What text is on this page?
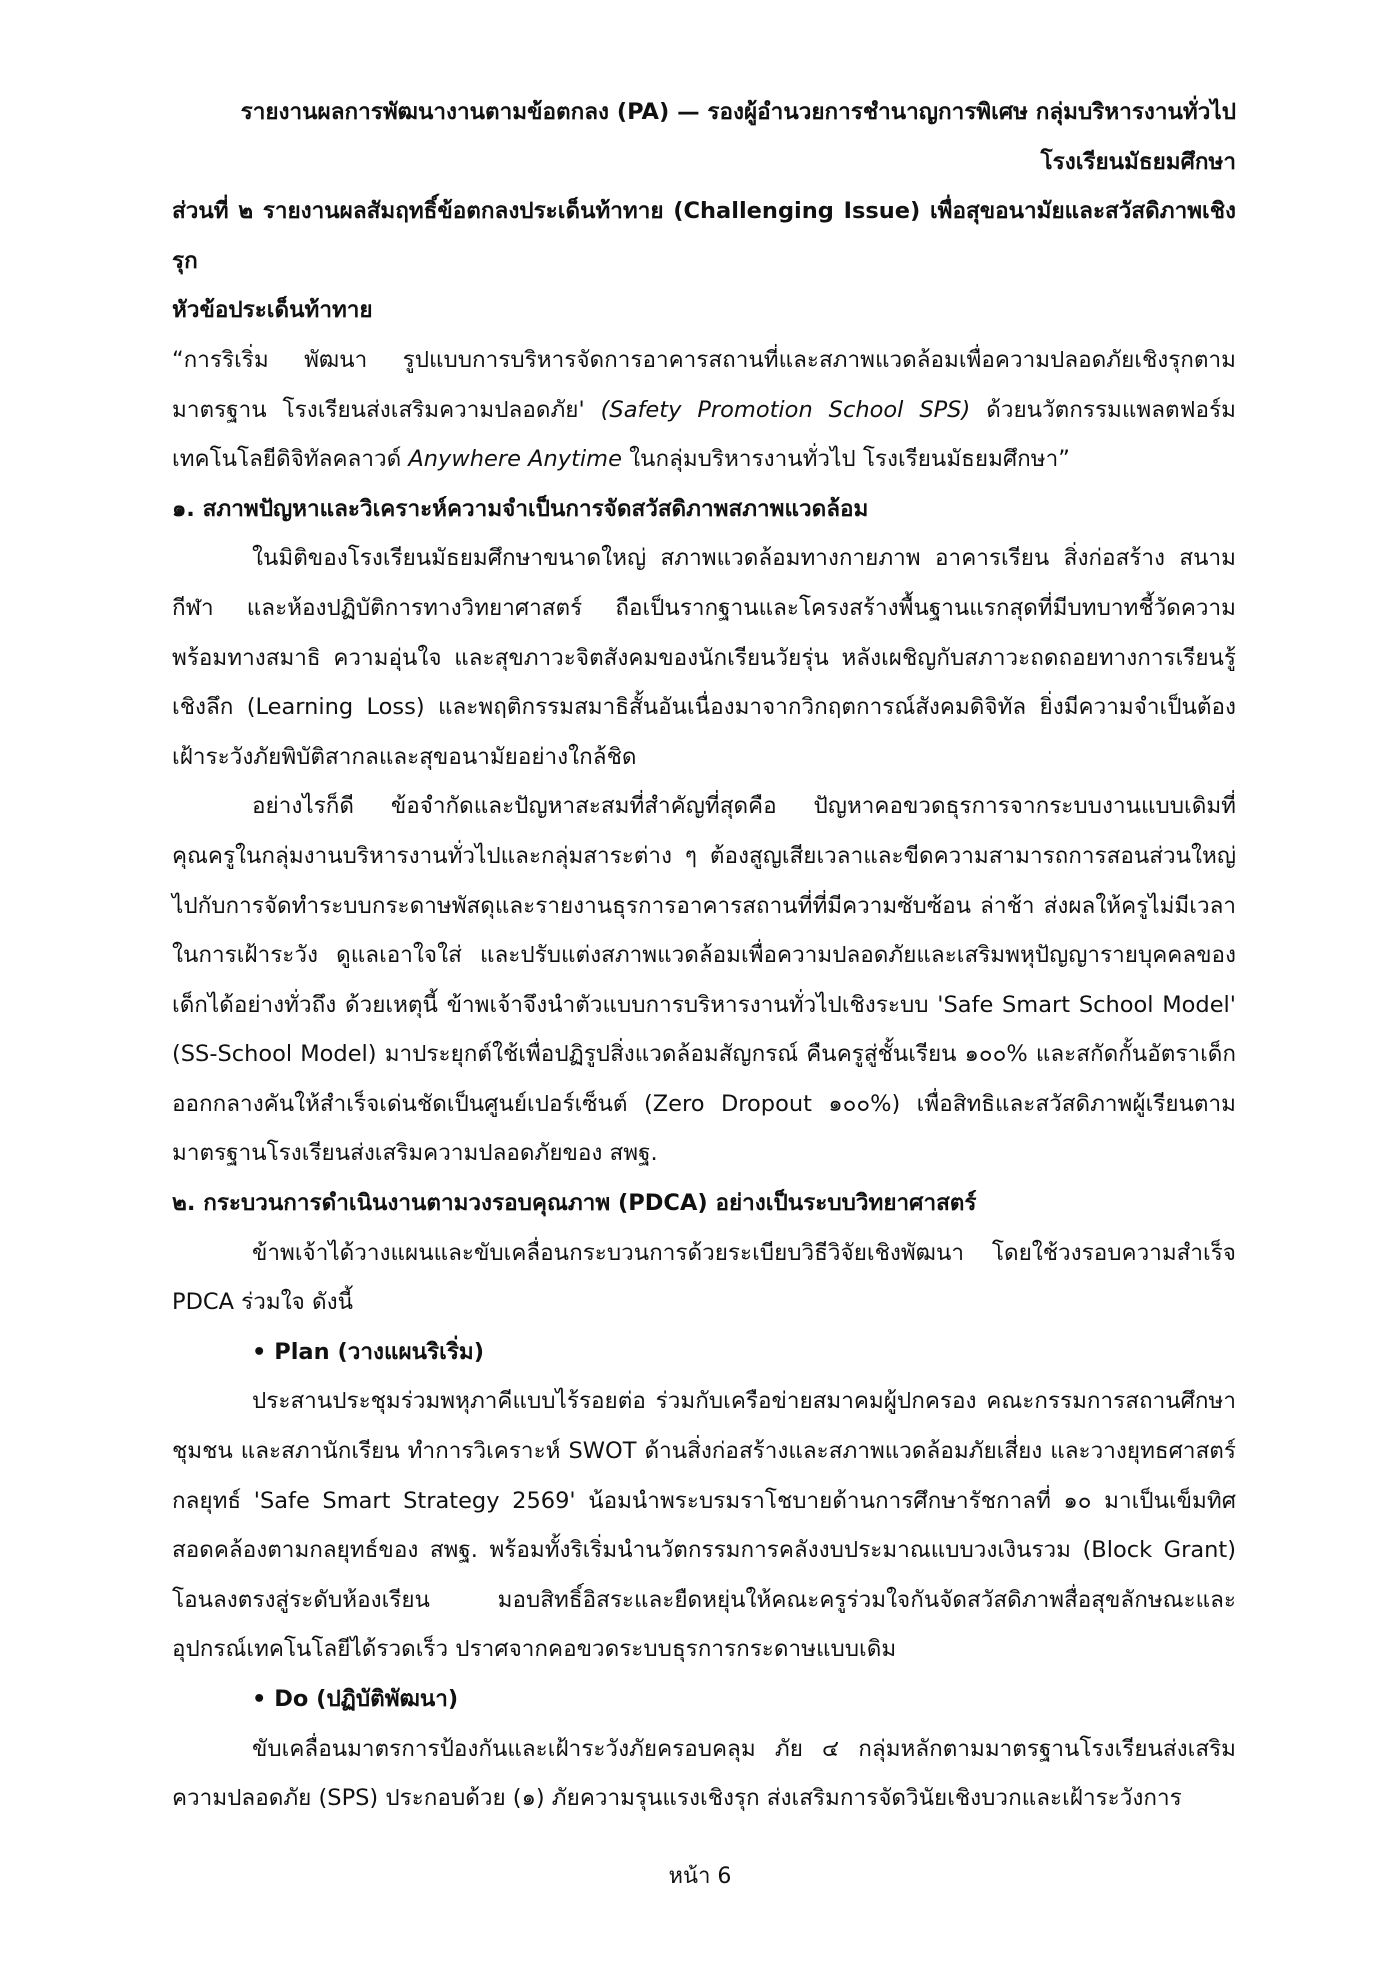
รายงานผลการพัฒนางานตามข้อตกลง (PA) — รองผู้อำนวยการชำนาญการพิเศษ กลุ่มบริหารงานทั่วไป
โรงเรียนมัธยมศึกษา

ส่วนที่ ๒ รายงานผลสัมฤทธิ์ข้อตกลงประเด็นท้าทาย (Challenging Issue) เพื่อสุขอนามัยและสวัสดิภาพเชิงรุก

หัวข้อประเด็นท้าทาย

“การริเริ่ม พัฒนา รูปแบบการบริหารจัดการอาคารสถานที่และสภาพแวดล้อมเพื่อความปลอดภัยเชิงรุกตามมาตรฐาน โรงเรียนส่งเสริมความปลอดภัย' (Safety Promotion School SPS) ด้วยนวัตกรรมแพลตฟอร์มเทคโนโลยีดิจิทัลคลาวด์ Anywhere Anytime ในกลุ่มบริหารงานทั่วไป โรงเรียนมัธยมศึกษา”

๑. สภาพปัญหาและวิเคราะห์ความจำเป็นการจัดสวัสดิภาพสภาพแวดล้อม

ในมิติของโรงเรียนมัธยมศึกษาขนาดใหญ่ สภาพแวดล้อมทางกายภาพ อาคารเรียน สิ่งก่อสร้าง สนามกีฬา และห้องปฏิบัติการทางวิทยาศาสตร์ ถือเป็นรากฐานและโครงสร้างพื้นฐานแรกสุดที่มีบทบาทชี้วัดความพร้อมทางสมาธิ ความอุ่นใจ และสุขภาวะจิตสังคมของนักเรียนวัยรุ่น หลังเผชิญกับสภาวะถดถอยทางการเรียนรู้เชิงลึก (Learning Loss) และพฤติกรรมสมาธิสั้นอันเนื่องมาจากวิกฤตการณ์สังคมดิจิทัล ยิ่งมีความจำเป็นต้องเฝ้าระวังภัยพิบัติสากลและสุขอนามัยอย่างใกล้ชิด

อย่างไรก็ดี ข้อจำกัดและปัญหาสะสมที่สำคัญที่สุดคือ ปัญหาคอขวดธุรการจากระบบงานแบบเดิมที่คุณครูในกลุ่มงานบริหารงานทั่วไปและกลุ่มสาระต่าง ๆ ต้องสูญเสียเวลาและขีดความสามารถการสอนส่วนใหญ่ไปกับการจัดทำระบบกระดาษพัสดุและรายงานธุรการอาคารสถานที่ที่มีความซับซ้อน ล่าช้า ส่งผลให้ครูไม่มีเวลาในการเฝ้าระวัง ดูแลเอาใจใส่ และปรับแต่งสภาพแวดล้อมเพื่อความปลอดภัยและเสริมพหุปัญญารายบุคคลของเด็กได้อย่างทั่วถึง ด้วยเหตุนี้ ข้าพเจ้าจึงนำตัวแบบการบริหารงานทั่วไปเชิงระบบ 'Safe Smart School Model' (SS-School Model) มาประยุกต์ใช้เพื่อปฏิรูปสิ่งแวดล้อมสัญกรณ์ คืนครูสู่ชั้นเรียน ๑๐๐% และสกัดกั้นอัตราเด็กออกกลางคันให้สำเร็จเด่นชัดเป็นศูนย์เปอร์เซ็นต์ (Zero Dropout ๑๐๐%) เพื่อสิทธิและสวัสดิภาพผู้เรียนตามมาตรฐานโรงเรียนส่งเสริมความปลอดภัยของ สพฐ.

๒. กระบวนการดำเนินงานตามวงรอบคุณภาพ (PDCA) อย่างเป็นระบบวิทยาศาสตร์

ข้าพเจ้าได้วางแผนและขับเคลื่อนกระบวนการด้วยระเบียบวิธีวิจัยเชิงพัฒนา โดยใช้วงรอบความสำเร็จ PDCA ร่วมใจ ดังนี้

• Plan (วางแผนริเริ่ม)

ประสานประชุมร่วมพหุภาคีแบบไร้รอยต่อ ร่วมกับเครือข่ายสมาคมผู้ปกครอง คณะกรรมการสถานศึกษา ชุมชน และสภานักเรียน ทำการวิเคราะห์ SWOT ด้านสิ่งก่อสร้างและสภาพแวดล้อมภัยเสี่ยง และวางยุทธศาสตร์กลยุทธ์ 'Safe Smart Strategy 2569' น้อมนำพระบรมราโชบายด้านการศึกษารัชกาลที่ ๑๐ มาเป็นเข็มทิศสอดคล้องตามกลยุทธ์ของ สพฐ. พร้อมทั้งริเริ่มนำนวัตกรรมการคลังงบประมาณแบบวงเงินรวม (Block Grant) โอนลงตรงสู่ระดับห้องเรียน มอบสิทธิ์อิสระและยืดหยุ่นให้คณะครูร่วมใจกันจัดสวัสดิภาพสื่อสุขลักษณะและอุปกรณ์เทคโนโลยีได้รวดเร็ว ปราศจากคอขวดระบบธุรการกระดาษแบบเดิม

• Do (ปฏิบัติพัฒนา)

ขับเคลื่อนมาตรการป้องกันและเฝ้าระวังภัยครอบคลุม ภัย ๔ กลุ่มหลักตามมาตรฐานโรงเรียนส่งเสริมความปลอดภัย (SPS) ประกอบด้วย (๑) ภัยความรุนแรงเชิงรุก ส่งเสริมการจัดวินัยเชิงบวกและเฝ้าระวังการ

หน้า 6
